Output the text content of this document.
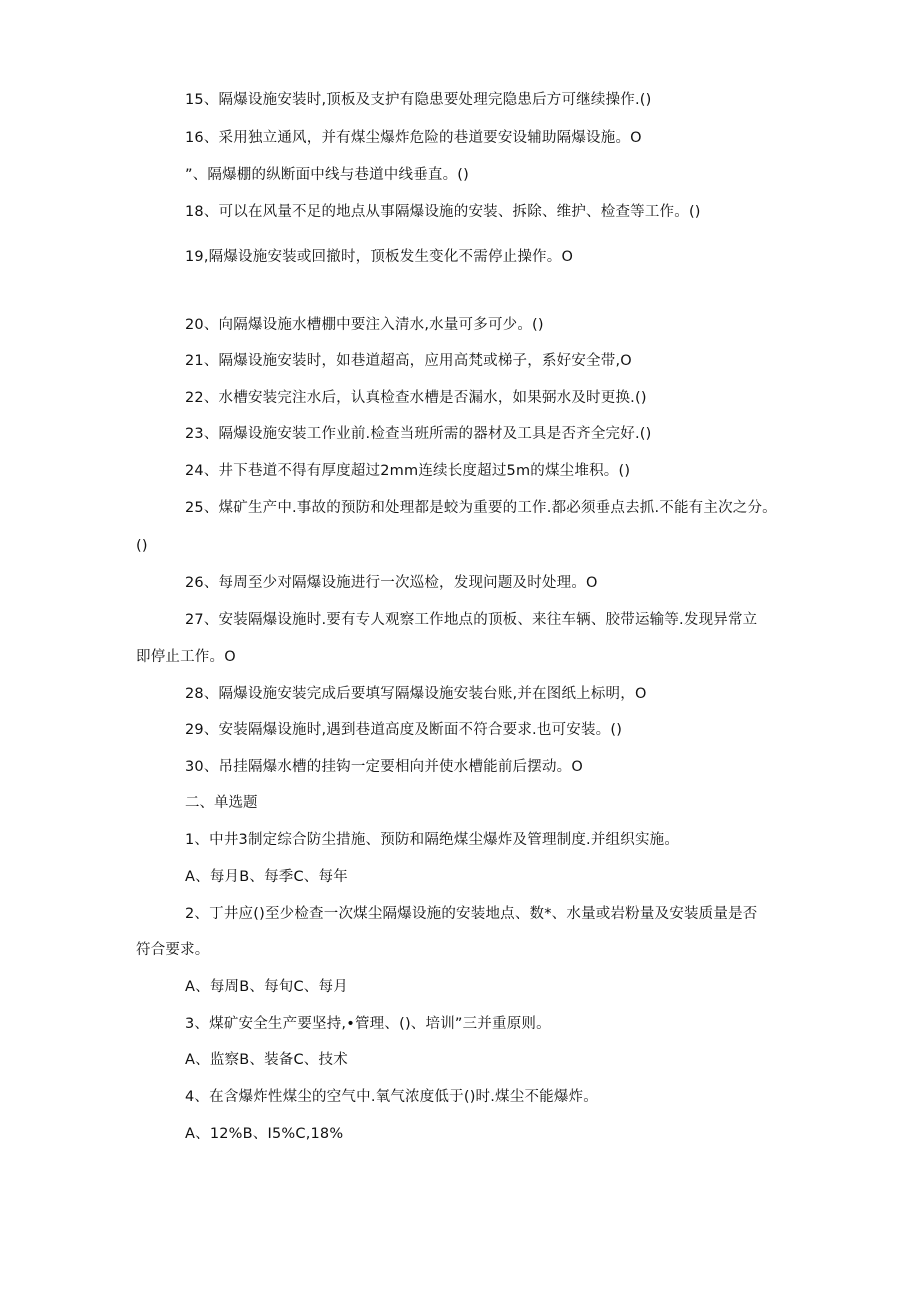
15、隔爆设施安装时,顶板及支护有隐患要处理完隐患后方可继续操作.()
16、采用独立通风，并有煤尘爆炸危险的巷道要安设辅助隔爆设施。O
”、隔爆棚的纵断面中线与巷道中线垂直。()
18、可以在风量不足的地点从事隔爆设施的安装、拆除、维护、检查等工作。()
19,隔爆设施安装或回撤时，顶板发生变化不需停止操作。O
20、向隔爆设施水槽棚中要注入清水,水量可多可少。()
21、隔爆设施安装时，如巷道超高，应用高梵或梯子，系好安全带,O
22、水槽安装完注水后，认真检查水槽是否漏水，如果弼水及时更换.()
23、隔爆设施安装工作业前.检查当班所需的器材及工具是否齐全完好.()
24、井下巷道不得有厚度超过2mm连续长度超过5m的煤尘堆积。()
25、煤矿生产中.事故的预防和处理都是蛟为重要的工作.都必须垂点去抓.不能有主次之分。
()
26、每周至少对隔爆设施进行一次巡检，发现问题及时处理。O
27、安装隔爆设施时.要有专人观察工作地点的顶板、来往车辆、胶带运输等.发现异常立
即停止工作。O
28、隔爆设施安装完成后要填写隔爆设施安装台账,并在图纸上标明，O
29、安装隔爆设施时,遇到巷道高度及断面不符合要求.也可安装。()
30、吊挂隔爆水槽的挂钩一定要相向并使水槽能前后摆动。O
二、单选题
1、中井3制定综合防尘措施、预防和隔绝煤尘爆炸及管理制度.并组织实施。
A、每月B、每季C、每年
2、丁井应()至少检查一次煤尘隔爆设施的安装地点、数*、水量或岩粉量及安装质量是否
符合要求。
A、每周B、每旬C、每月
3、煤矿安全生产要坚持,•管理、()、培训”三并重原则。
A、监察B、装备C、技术
4、在含爆炸性煤尘的空气中.氧气浓度低于()时.煤尘不能爆炸。
A、12%B、I5%C,18%
